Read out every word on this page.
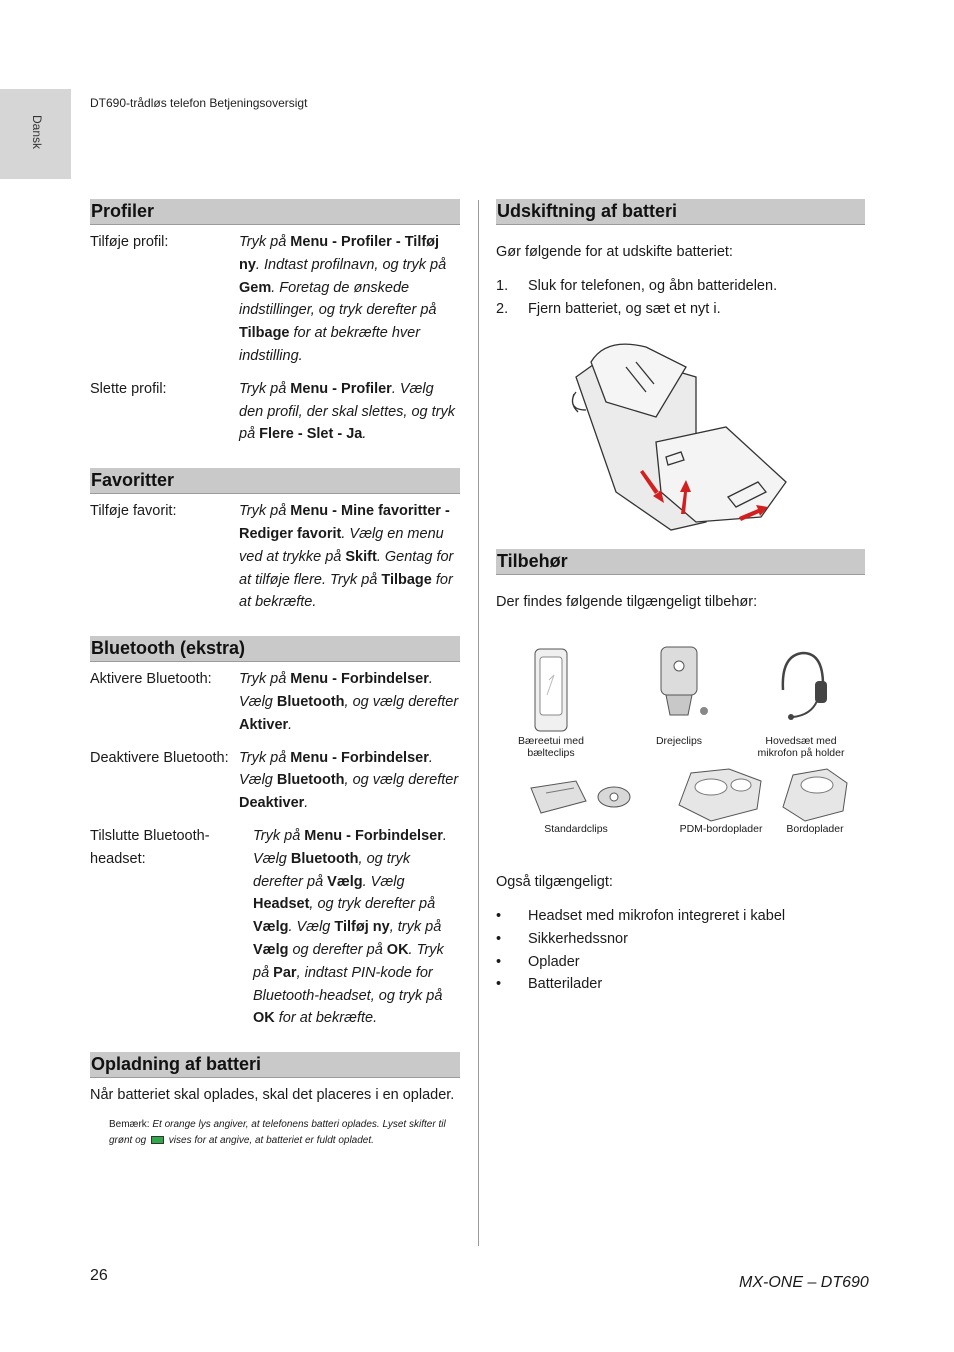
Dansk
DT690-trådløs telefon Betjeningsoversigt
Profiler
Tilføje profil:	Tryk på Menu - Profiler - Tilføj ny. Indtast profilnavn, og tryk på Gem. Foretag de ønskede indstillinger, og tryk derefter på Tilbage for at bekræfte hver indstilling.
Slette profil:	Tryk på Menu - Profiler. Vælg den profil, der skal slettes, og tryk på Flere - Slet - Ja.
Favoritter
Tilføje favorit:	Tryk på Menu - Mine favoritter - Rediger favorit. Vælg en menu ved at trykke på Skift. Gentag for at tilføje flere. Tryk på Tilbage for at bekræfte.
Bluetooth (ekstra)
Aktivere Bluetooth:	Tryk på Menu - Forbindelser. Vælg Bluetooth, og vælg derefter Aktiver.
Deaktivere Bluetooth: Tryk på Menu - Forbindelser. Vælg Bluetooth, og vælg derefter Deaktiver.
Tilslutte Bluetooth-headset:
Tryk på Menu - Forbindelser. Vælg Bluetooth, og tryk derefter på Vælg. Vælg Headset, og tryk derefter på Vælg. Vælg Tilføj ny, tryk på Vælg og derefter på OK. Tryk på Par, indtast PIN-kode for Bluetooth-headset, og tryk på OK for at bekræfte.
Opladning af batteri
Når batteriet skal oplades, skal det placeres i en oplader.
Bemærk: Et orange lys angiver, at telefonens batteri oplades. Lyset skifter til grønt og  vises for at angive, at batteriet er fuldt opladet.
Udskiftning af batteri
Gør følgende for at udskifte batteriet:
1.	Sluk for telefonen, og åbn batteridelen.
2.	Fjern batteriet, og sæt et nyt i.
Tilbehør
Der findes følgende tilgængeligt tilbehør:
Bæreetui med bælteclips
Drejeclips	Hovedsæt med mikrofon på holder
Standardclips	PDM-bordoplader	Bordoplader
Også tilgængeligt:
•	Headset med mikrofon integreret i kabel
•	Sikkerhedssnor
•	Oplader
•	Batterilader
26	MX-ONE – DT690
